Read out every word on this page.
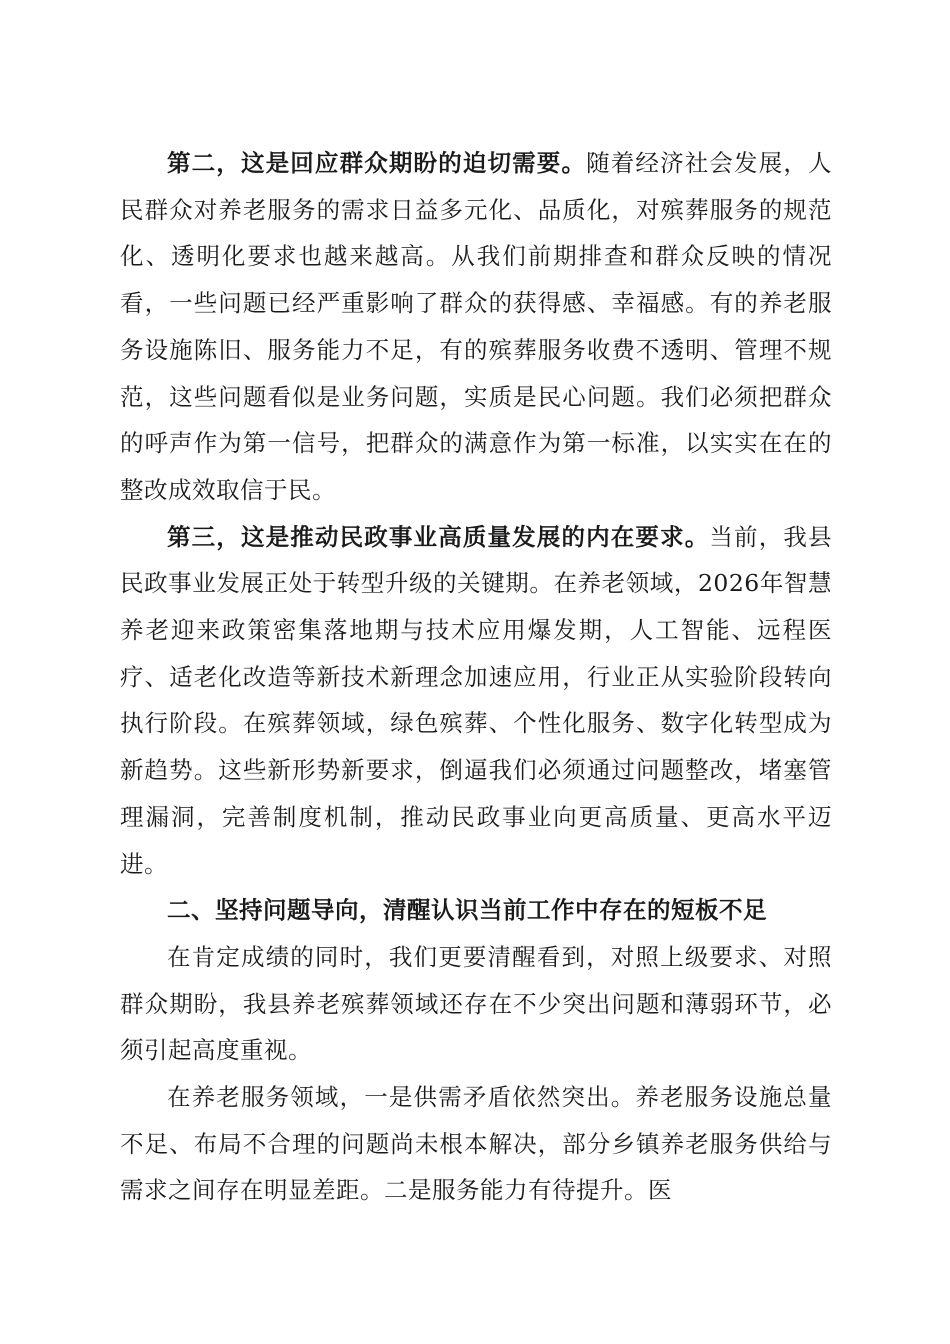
第二，这是回应群众期盼的迫切需要。随着经济社会发展，人民群众对养老服务的需求日益多元化、品质化，对殡葬服务的规范化、透明化要求也越来越高。从我们前期排查和群众反映的情况看，一些问题已经严重影响了群众的获得感、幸福感。有的养老服务设施陈旧、服务能力不足，有的殡葬服务收费不透明、管理不规范，这些问题看似是业务问题，实质是民心问题。我们必须把群众的呼声作为第一信号，把群众的满意作为第一标准，以实实在在的整改成效取信于民。

第三，这是推动民政事业高质量发展的内在要求。当前，我县民政事业发展正处于转型升级的关键期。在养老领域，2026年智慧养老迎来政策密集落地期与技术应用爆发期，人工智能、远程医疗、适老化改造等新技术新理念加速应用，行业正从实验阶段转向执行阶段。在殡葬领域，绿色殡葬、个性化服务、数字化转型成为新趋势。这些新形势新要求，倒逼我们必须通过问题整改，堵塞管理漏洞，完善制度机制，推动民政事业向更高质量、更高水平迈进。

二、坚持问题导向，清醒认识当前工作中存在的短板不足

在肯定成绩的同时，我们更要清醒看到，对照上级要求、对照群众期盼，我县养老殡葬领域还存在不少突出问题和薄弱环节，必须引起高度重视。

在养老服务领域，一是供需矛盾依然突出。养老服务设施总量不足、布局不合理的问题尚未根本解决，部分乡镇养老服务供给与需求之间存在明显差距。二是服务能力有待提升。医
